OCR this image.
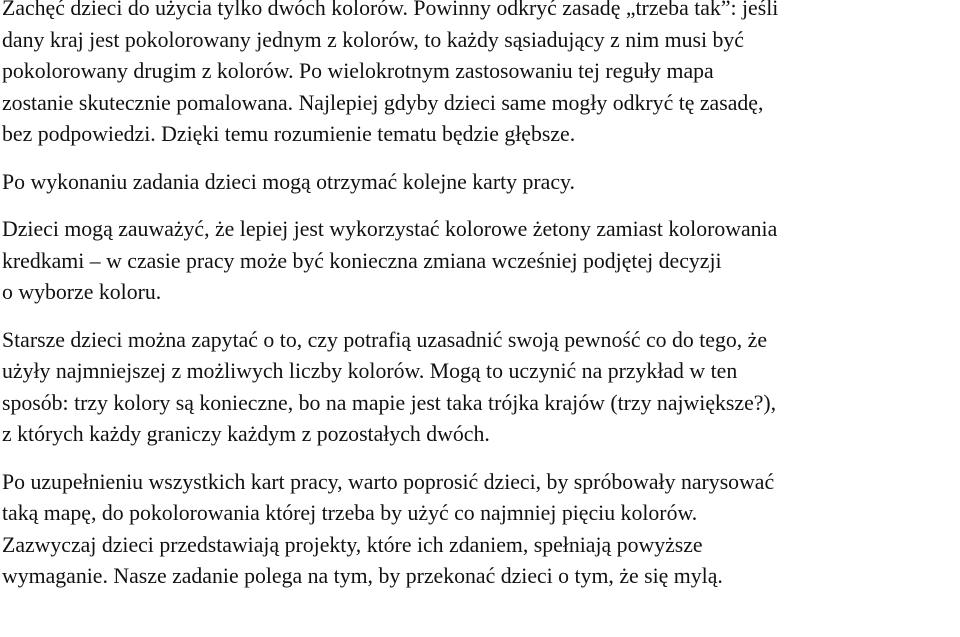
Zachęć dzieci do użycia tylko dwóch kolorów. Powinny odkryć zasadę „trzeba tak”: jeśli
dany kraj jest pokolorowany jednym z kolorów, to każdy sąsiadujący z nim musi być
pokolorowany drugim z kolorów. Po wielokrotnym zastosowaniu tej reguły mapa
zostanie skutecznie pomalowana. Najlepiej gdyby dzieci same mogły odkryć tę zasadę,
bez podpowiedzi. Dzięki temu rozumienie tematu będzie głębsze.
Po wykonaniu zadania dzieci mogą otrzymać kolejne karty pracy.
Dzieci mogą zauważyć, że lepiej jest wykorzystać kolorowe żetony zamiast kolorowania
kredkami – w czasie pracy może być konieczna zmiana wcześniej podjętej decyzji
o wyborze koloru.
Starsze dzieci można zapytać o to, czy potrafią uzasadnić swoją pewność co do tego, że
użyły najmniejszej z możliwych liczby kolorów. Mogą to uczynić na przykład w ten
sposób: trzy kolory są konieczne, bo na mapie jest taka trójka krajów (trzy największe?),
z których każdy graniczy każdym z pozostałych dwóch.
Po uzupełnieniu wszystkich kart pracy, warto poprosić dzieci, by spróbowały narysować
taką mapę, do pokolorowania której trzeba by użyć co najmniej pięciu kolorów.
Zazwyczaj dzieci przedstawiają projekty, które ich zdaniem, spełniają powyższe
wymaganie. Nasze zadanie polega na tym, by przekonać dzieci o tym, że się mylą.
